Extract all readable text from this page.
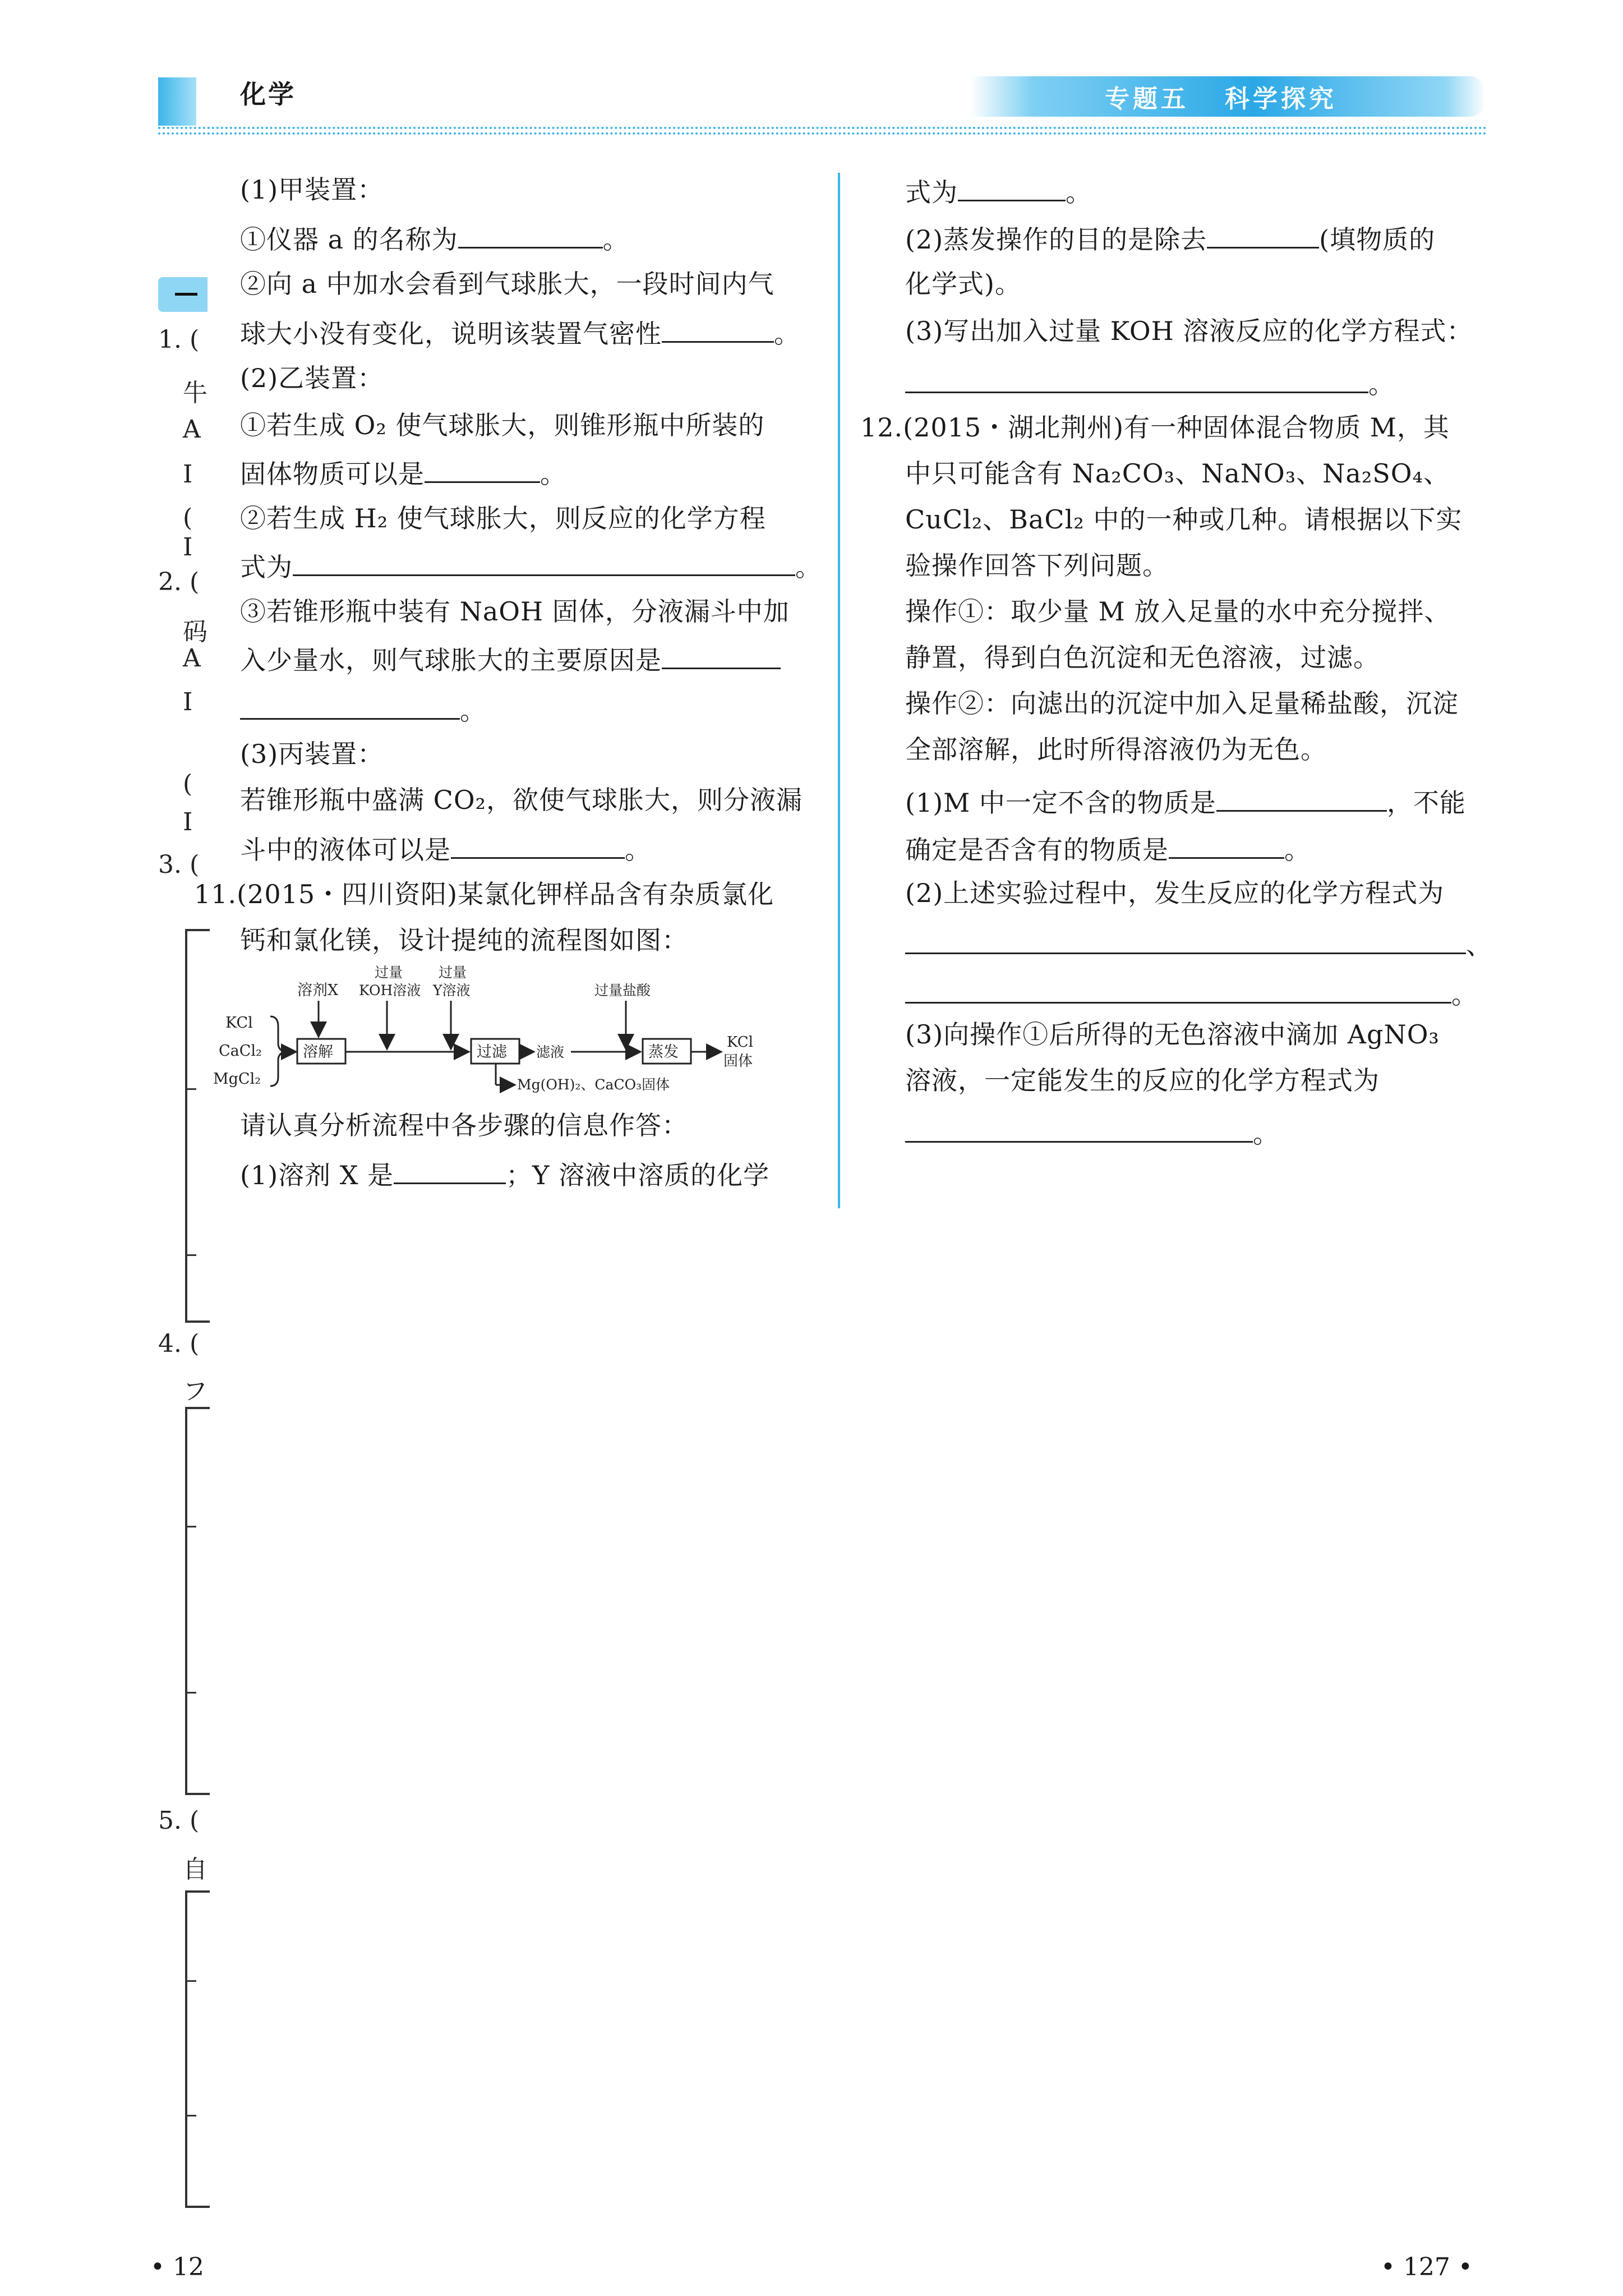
化学	专题五   科学探究
1. (
牛
A
I
(
I
2. (
码
A
I
(
I
3. (
4. (
フ
5. (
自
(1)甲装置：
①仪器 a 的名称为	。
②向 a 中加水会看到气球胀大，一段时间内气
球大小没有变化，说明该装置气密性	。
(2)乙装置：
①若生成 O₂ 使气球胀大，则锥形瓶中所装的
固体物质可以是	。
②若生成 H₂ 使气球胀大，则反应的化学方程
式为	。
③若锥形瓶中装有 NaOH 固体，分液漏斗中加
入少量水，则气球胀大的主要原因是
。
(3)丙装置：
若锥形瓶中盛满 CO₂，欲使气球胀大，则分液漏
斗中的液体可以是	。
11.(2015・四川资阳)某氯化钾样品含有杂质氯化
钙和氯化镁，设计提纯的流程图如图：
KCl
CaCl₂
MgCl₂
溶剂X
溶解
过量
KOH溶液
过量
Y溶液
过滤 滤液
Mg(OH)₂、CaCO₃固体
过量盐酸
蒸发
KCl
固体
请认真分析流程中各步骤的信息作答：
(1)溶剂 X 是	；Y 溶液中溶质的化学
式为	。
(2)蒸发操作的目的是除去	(填物质的
化学式)。
(3)写出加入过量 KOH 溶液反应的化学方程式：
。
12.(2015・湖北荆州)有一种固体混合物质 M，其
中只可能含有 Na₂CO₃、NaNO₃、Na₂SO₄、
CuCl₂、BaCl₂ 中的一种或几种。请根据以下实
验操作回答下列问题。
操作①：取少量 M 放入足量的水中充分搅拌、
静置，得到白色沉淀和无色溶液，过滤。
操作②：向滤出的沉淀中加入足量稀盐酸，沉淀
全部溶解，此时所得溶液仍为无色。
(1)M 中一定不含的物质是	，不能
确定是否含有的物质是	。
(2)上述实验过程中，发生反应的化学方程式为
、
。
(3)向操作①后所得的无色溶液中滴加 AgNO₃
溶液，一定能发生的反应的化学方程式为
。
• 12	• 127 •
